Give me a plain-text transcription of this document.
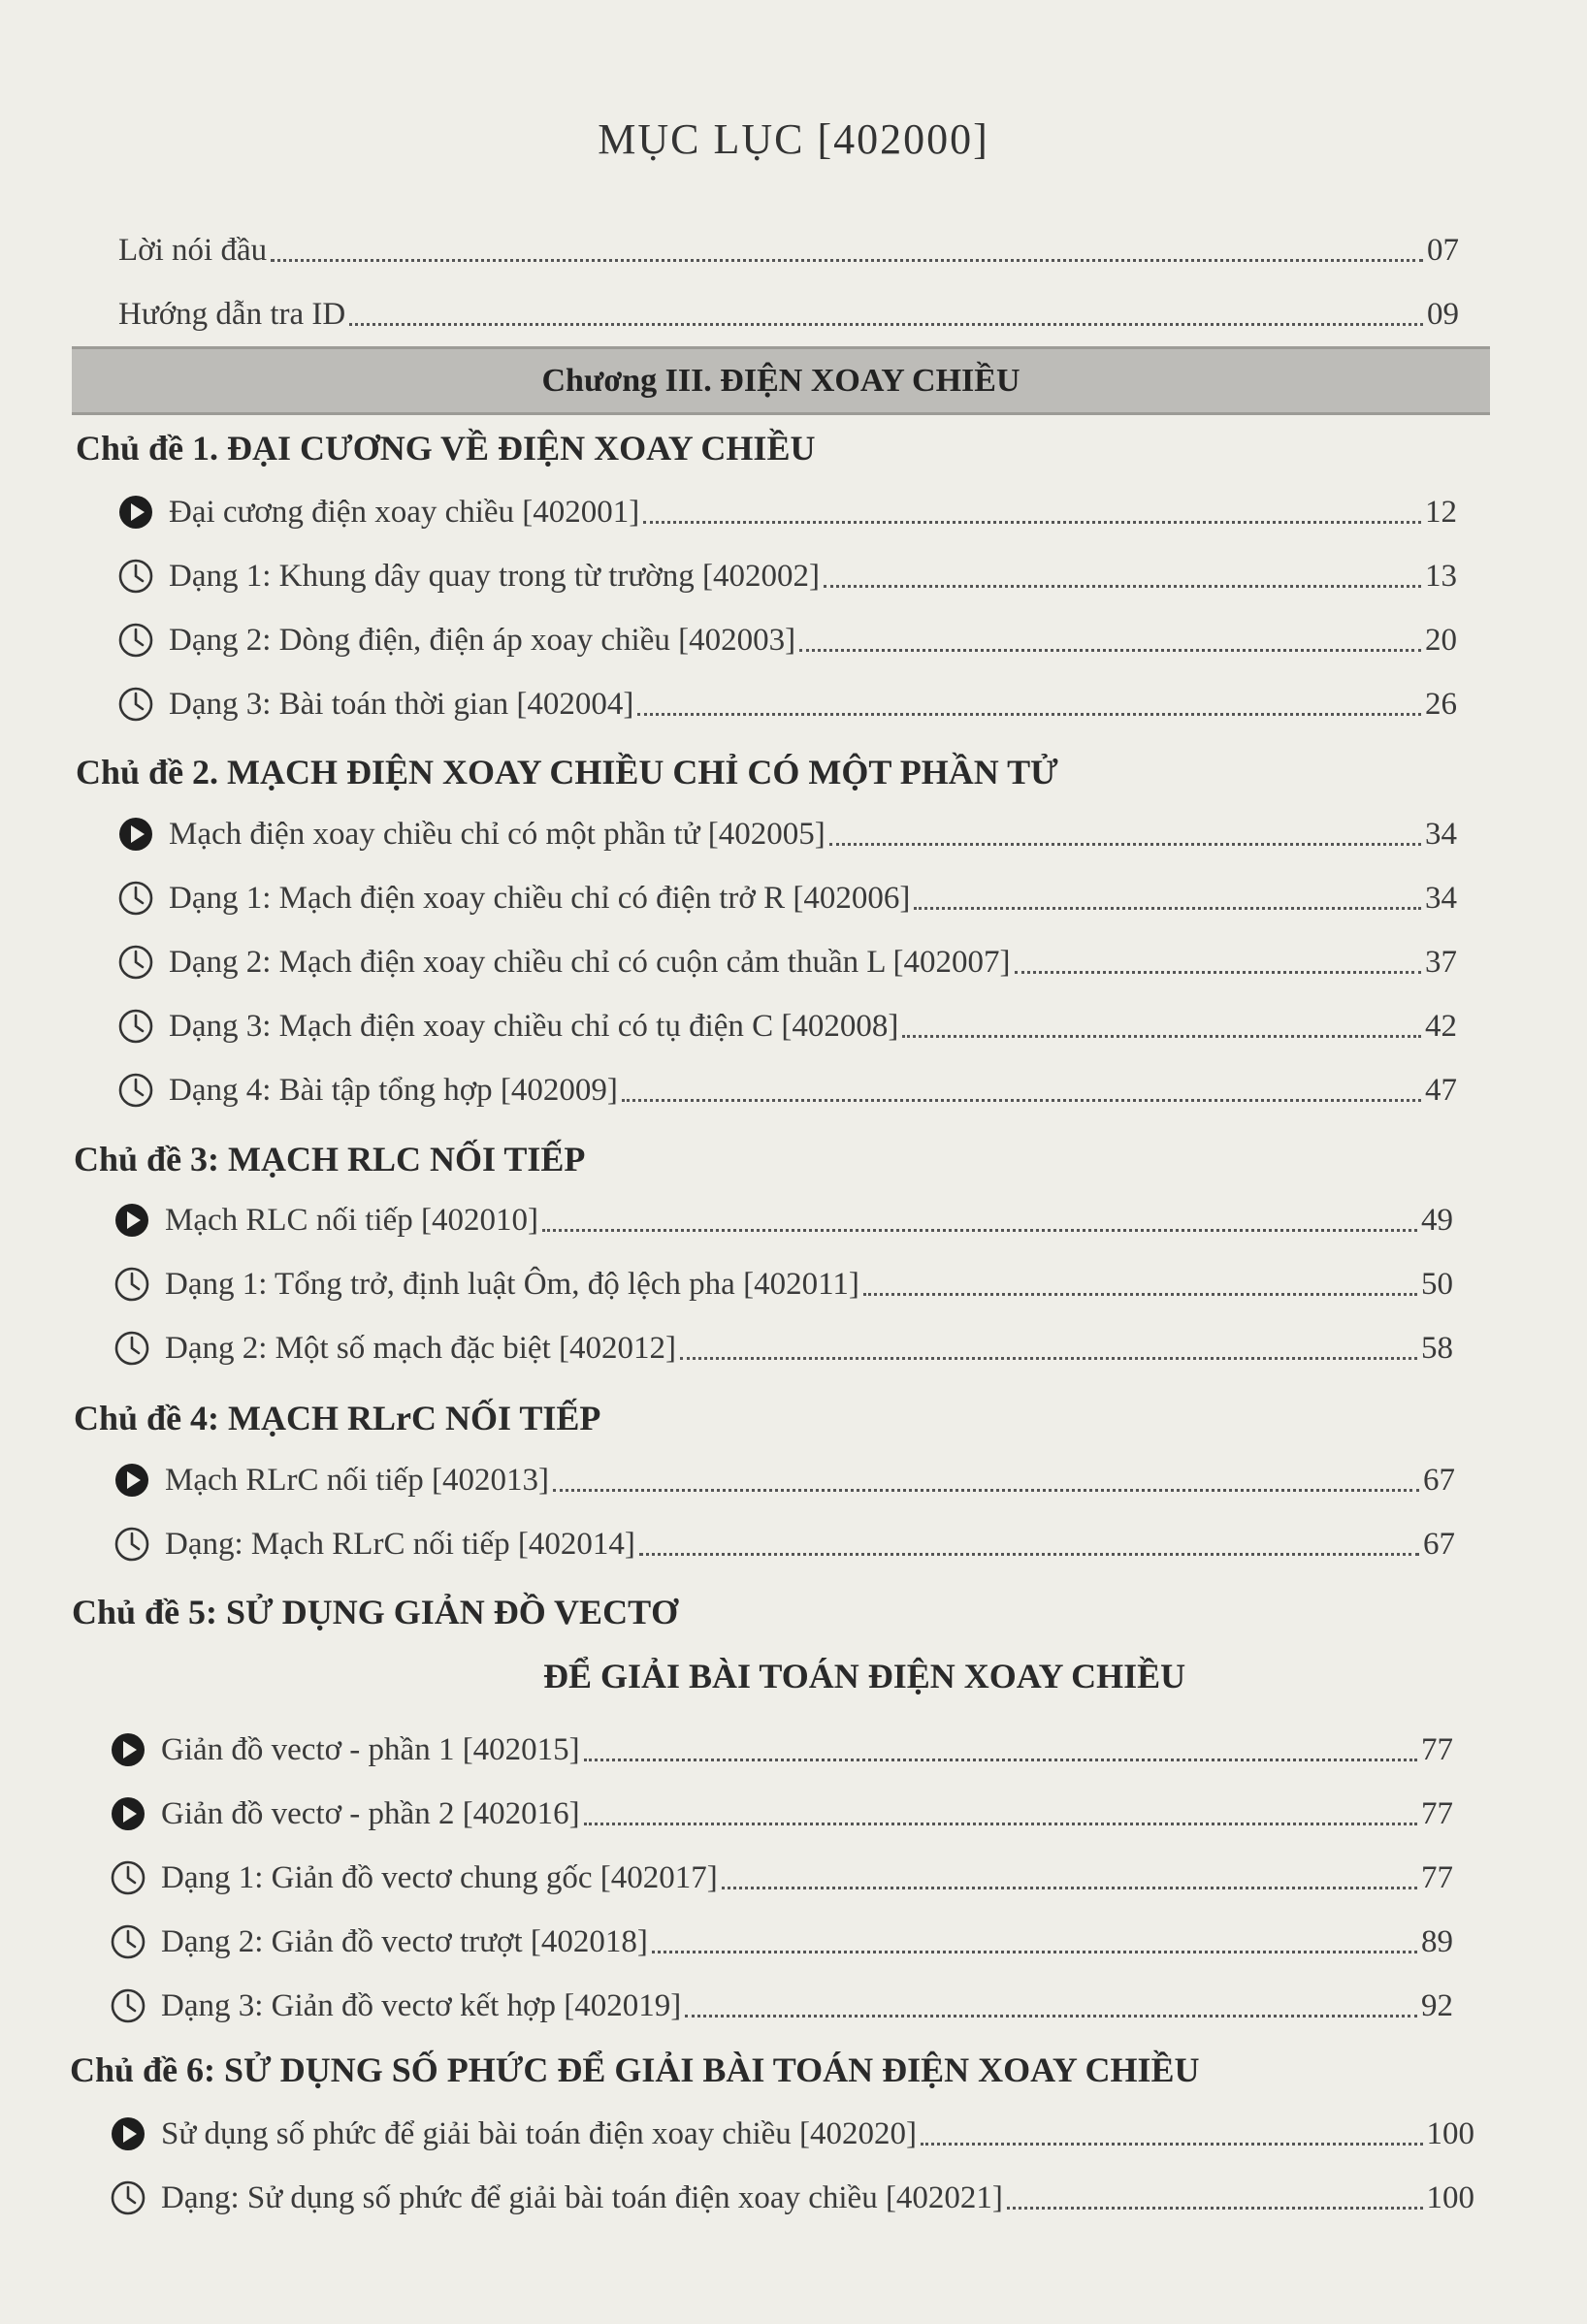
MỤC LỤC [402000]
Lời nói đầu	07
Hướng dẫn tra ID	09
Chương III. ĐIỆN XOAY CHIỀU
Chủ đề 1. ĐẠI CƯƠNG VỀ ĐIỆN XOAY CHIỀU
Đại cương điện xoay chiều [402001]	12
Dạng 1: Khung dây quay trong từ trường [402002]	13
Dạng 2: Dòng điện, điện áp xoay chiều [402003]	20
Dạng 3: Bài toán thời gian [402004]	26
Chủ đề 2. MẠCH ĐIỆN XOAY CHIỀU CHỈ CÓ MỘT PHẦN TỬ
Mạch điện xoay chiều chỉ có một phần tử [402005]	34
Dạng 1: Mạch điện xoay chiều chỉ có điện trở R [402006]	34
Dạng 2: Mạch điện xoay chiều chỉ có cuộn cảm thuần L [402007]	37
Dạng 3: Mạch điện xoay chiều chỉ có tụ điện C [402008]	42
Dạng 4: Bài tập tổng hợp [402009]	47
Chủ đề 3: MẠCH RLC NỐI TIẾP
Mạch RLC nối tiếp [402010]	49
Dạng 1: Tổng trở, định luật Ôm, độ lệch pha [402011]	50
Dạng 2: Một số mạch đặc biệt [402012]	58
Chủ đề 4: MẠCH RLrC NỐI TIẾP
Mạch RLrC nối tiếp [402013]	67
Dạng: Mạch RLrC nối tiếp [402014]	67
Chủ đề 5: SỬ DỤNG GIẢN ĐỒ VECTƠ
ĐỂ GIẢI BÀI TOÁN ĐIỆN XOAY CHIỀU
Giản đồ vectơ - phần 1 [402015]	77
Giản đồ vectơ - phần 2 [402016]	77
Dạng 1: Giản đồ vectơ chung gốc [402017]	77
Dạng 2: Giản đồ vectơ trượt [402018]	89
Dạng 3: Giản đồ vectơ kết hợp [402019]	92
Chủ đề 6: SỬ DỤNG SỐ PHỨC ĐỂ GIẢI BÀI TOÁN ĐIỆN XOAY CHIỀU
Sử dụng số phức để giải bài toán điện xoay chiều [402020]	100
Dạng: Sử dụng số phức để giải bài toán điện xoay chiều [402021]	100
